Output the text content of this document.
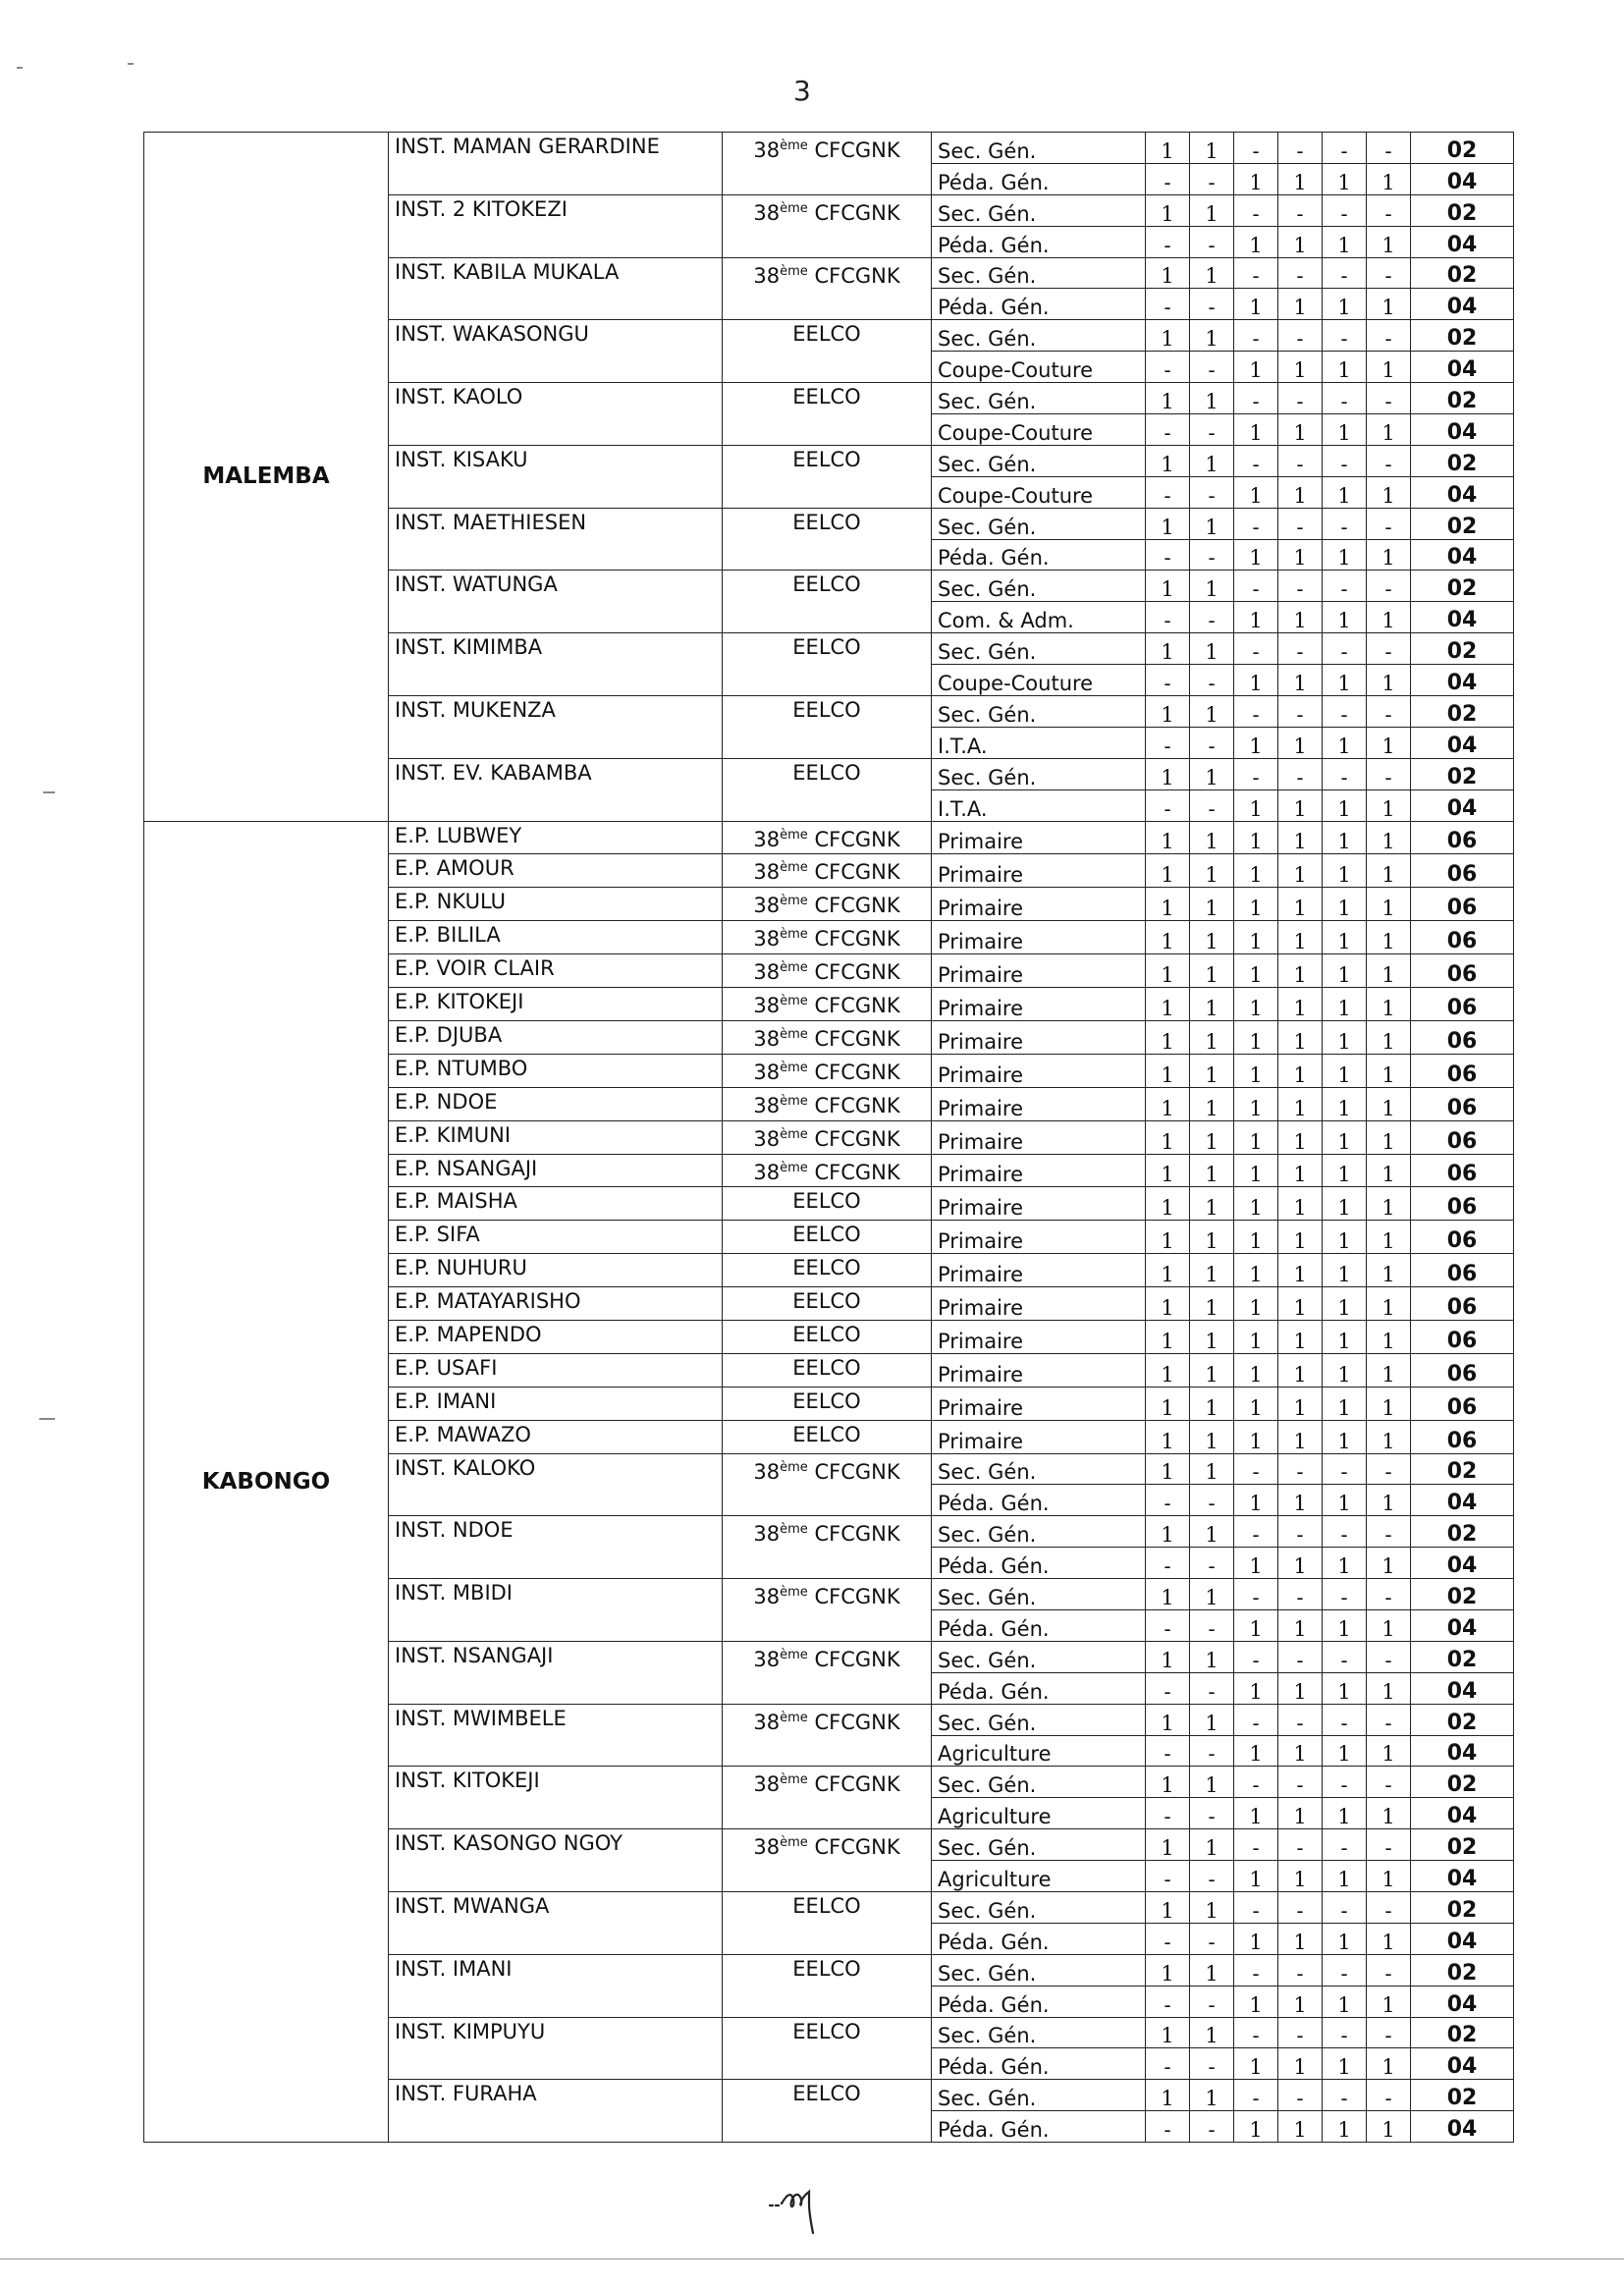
3
MALEMBA	INST. MAMAN GERARDINE	38ème CFCGNK	Sec. Gén.	1	1	-	-	-	-	02
			Péda. Gén.	-	-	1	1	1	1	04
	INST. 2 KITOKEZI	38ème CFCGNK	Sec. Gén.	1	1	-	-	-	-	02
			Péda. Gén.	-	-	1	1	1	1	04
	INST. KABILA MUKALA	38ème CFCGNK	Sec. Gén.	1	1	-	-	-	-	02
			Péda. Gén.	-	-	1	1	1	1	04
	INST. WAKASONGU	EELCO	Sec. Gén.	1	1	-	-	-	-	02
			Coupe-Couture	-	-	1	1	1	1	04
	INST. KAOLO	EELCO	Sec. Gén.	1	1	-	-	-	-	02
			Coupe-Couture	-	-	1	1	1	1	04
	INST. KISAKU	EELCO	Sec. Gén.	1	1	-	-	-	-	02
			Coupe-Couture	-	-	1	1	1	1	04
	INST. MAETHIESEN	EELCO	Sec. Gén.	1	1	-	-	-	-	02
			Péda. Gén.	-	-	1	1	1	1	04
	INST. WATUNGA	EELCO	Sec. Gén.	1	1	-	-	-	-	02
			Com. & Adm.	-	-	1	1	1	1	04
	INST. KIMIMBA	EELCO	Sec. Gén.	1	1	-	-	-	-	02
			Coupe-Couture	-	-	1	1	1	1	04
	INST. MUKENZA	EELCO	Sec. Gén.	1	1	-	-	-	-	02
			I.T.A.	-	-	1	1	1	1	04
	INST. EV. KABAMBA	EELCO	Sec. Gén.	1	1	-	-	-	-	02
			I.T.A.	-	-	1	1	1	1	04
KABONGO	E.P. LUBWEY	38ème CFCGNK	Primaire	1	1	1	1	1	1	06
	E.P. AMOUR	38ème CFCGNK	Primaire	1	1	1	1	1	1	06
	E.P. NKULU	38ème CFCGNK	Primaire	1	1	1	1	1	1	06
	E.P. BILILA	38ème CFCGNK	Primaire	1	1	1	1	1	1	06
	E.P. VOIR CLAIR	38ème CFCGNK	Primaire	1	1	1	1	1	1	06
	E.P. KITOKEJI	38ème CFCGNK	Primaire	1	1	1	1	1	1	06
	E.P. DJUBA	38ème CFCGNK	Primaire	1	1	1	1	1	1	06
	E.P. NTUMBO	38ème CFCGNK	Primaire	1	1	1	1	1	1	06
	E.P. NDOE	38ème CFCGNK	Primaire	1	1	1	1	1	1	06
	E.P. KIMUNI	38ème CFCGNK	Primaire	1	1	1	1	1	1	06
	E.P. NSANGAJI	38ème CFCGNK	Primaire	1	1	1	1	1	1	06
	E.P. MAISHA	EELCO	Primaire	1	1	1	1	1	1	06
	E.P. SIFA	EELCO	Primaire	1	1	1	1	1	1	06
	E.P. NUHURU	EELCO	Primaire	1	1	1	1	1	1	06
	E.P. MATAYARISHO	EELCO	Primaire	1	1	1	1	1	1	06
	E.P. MAPENDO	EELCO	Primaire	1	1	1	1	1	1	06
	E.P. USAFI	EELCO	Primaire	1	1	1	1	1	1	06
	E.P. IMANI	EELCO	Primaire	1	1	1	1	1	1	06
	E.P. MAWAZO	EELCO	Primaire	1	1	1	1	1	1	06
	INST. KALOKO	38ème CFCGNK	Sec. Gén.	1	1	-	-	-	-	02
			Péda. Gén.	-	-	1	1	1	1	04
	INST. NDOE	38ème CFCGNK	Sec. Gén.	1	1	-	-	-	-	02
			Péda. Gén.	-	-	1	1	1	1	04
	INST. MBIDI	38ème CFCGNK	Sec. Gén.	1	1	-	-	-	-	02
			Péda. Gén.	-	-	1	1	1	1	04
	INST. NSANGAJI	38ème CFCGNK	Sec. Gén.	1	1	-	-	-	-	02
			Péda. Gén.	-	-	1	1	1	1	04
	INST. MWIMBELE	38ème CFCGNK	Sec. Gén.	1	1	-	-	-	-	02
			Agriculture	-	-	1	1	1	1	04
	INST. KITOKEJI	38ème CFCGNK	Sec. Gén.	1	1	-	-	-	-	02
			Agriculture	-	-	1	1	1	1	04
	INST. KASONGO NGOY	38ème CFCGNK	Sec. Gén.	1	1	-	-	-	-	02
			Agriculture	-	-	1	1	1	1	04
	INST. MWANGA	EELCO	Sec. Gén.	1	1	-	-	-	-	02
			Péda. Gén.	-	-	1	1	1	1	04
	INST. IMANI	EELCO	Sec. Gén.	1	1	-	-	-	-	02
			Péda. Gén.	-	-	1	1	1	1	04
	INST. KIMPUYU	EELCO	Sec. Gén.	1	1	-	-	-	-	02
			Péda. Gén.	-	-	1	1	1	1	04
	INST. FURAHA	EELCO	Sec. Gén.	1	1	-	-	-	-	02
			Péda. Gén.	-	-	1	1	1	1	04
